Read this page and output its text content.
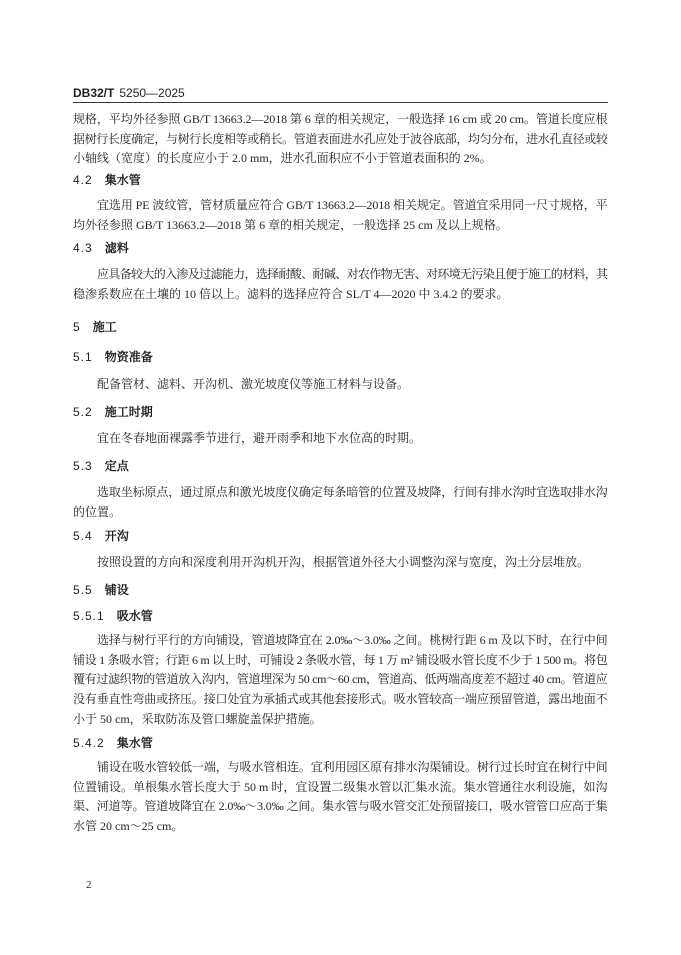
DB32/T 5250—2025
规格，平均外径参照 GB/T 13663.2—2018 第 6 章的相关规定，一般选择 16 cm 或 20 cm。管道长度应根
据树行长度确定，与树行长度相等或稍长。管道表面进水孔应处于波谷底部，均匀分布，进水孔直径或较
小轴线（宽度）的长度应小于 2.0 mm，进水孔面积应不小于管道表面积的 2%。
4.2 集水管
宜选用 PE 波纹管，管材质量应符合 GB/T 13663.2—2018 相关规定。管道宜采用同一尺寸规格，平
均外径参照 GB/T 13663.2—2018 第 6 章的相关规定，一般选择 25 cm 及以上规格。
4.3 滤料
应具备较大的入渗及过滤能力，选择耐酸、耐碱、对农作物无害、对环境无污染且便于施工的材料，其
稳渗系数应在土壤的 10 倍以上。滤料的选择应符合 SL/T 4—2020 中 3.4.2 的要求。
5 施工
5.1 物资准备
配备管材、滤料、开沟机、激光坡度仪等施工材料与设备。
5.2 施工时期
宜在冬春地面裸露季节进行，避开雨季和地下水位高的时期。
5.3 定点
选取坐标原点，通过原点和激光坡度仪确定每条暗管的位置及坡降，行间有排水沟时宜选取排水沟
的位置。
5.4 开沟
按照设置的方向和深度利用开沟机开沟，根据管道外径大小调整沟深与宽度，沟土分层堆放。
5.5 铺设
5.5.1 吸水管
选择与树行平行的方向铺设，管道坡降宜在 2.0‰～3.0‰ 之间。桃树行距 6 m 及以下时，在行中间
铺设 1 条吸水管；行距 6 m 以上时，可铺设 2 条吸水管，每 1 万 m² 铺设吸水管长度不少于 1 500 m。将包
覆有过滤织物的管道放入沟内，管道埋深为 50 cm～60 cm，管道高、低两端高度差不超过 40 cm。管道应
没有垂直性弯曲或挤压。接口处宜为承插式或其他套接形式。吸水管较高一端应预留管道，露出地面不
小于 50 cm，采取防冻及管口螺旋盖保护措施。
5.4.2 集水管
铺设在吸水管较低一端，与吸水管相连。宜利用园区原有排水沟渠铺设。树行过长时宜在树行中间
位置铺设。单根集水管长度大于 50 m 时，宜设置二级集水管以汇集水流。集水管通往水利设施，如沟
渠、河道等。管道坡降宜在 2.0‰～3.0‰ 之间。集水管与吸水管交汇处预留接口，吸水管管口应高于集
水管 20 cm～25 cm。
2
